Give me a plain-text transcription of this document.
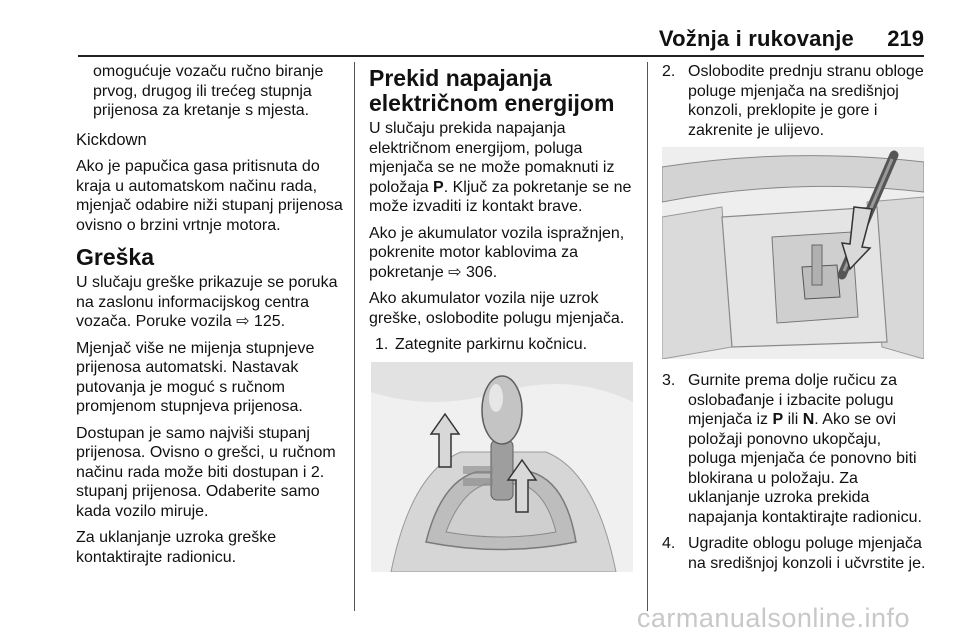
Vožnja i rukovanje 219

omogućuje vozaču ručno biranje prvog, drugog ili trećeg stupnja prijenosa za kretanje s mjesta.

Kickdown

Ako je papučica gasa pritisnuta do kraja u automatskom načinu rada, mjenjač odabire niži stupanj prijenosa ovisno o brzini vrtnje motora.

Greška

U slučaju greške prikazuje se poruka na zaslonu informacijskog centra vozača. Poruke vozila ⇨ 125.

Mjenjač više ne mijenja stupnjeve prijenosa automatski. Nastavak putovanja je moguć s ručnom promjenom stupnjeva prijenosa.

Dostupan je samo najviši stupanj prijenosa. Ovisno o grešci, u ručnom načinu rada može biti dostupan i 2. stupanj prijenosa. Odaberite samo kada vozilo miruje.

Za uklanjanje uzroka greške kontaktirajte radionicu.

Prekid napajanja električnom energijom

U slučaju prekida napajanja električnom energijom, poluga mjenjača se ne može pomaknuti iz položaja P. Ključ za pokretanje se ne može izvaditi iz kontakt brave.

Ako je akumulator vozila ispražnjen, pokrenite motor kablovima za pokretanje ⇨ 306.

Ako akumulator vozila nije uzrok greške, oslobodite polugu mjenjača.

1. Zategnite parkirnu kočnicu.
2. Oslobodite prednju stranu obloge poluge mjenjača na središnjoj konzoli, preklopite je gore i zakrenite je ulijevo.
3. Gurnite prema dolje ručicu za oslobađanje i izbacite polugu mjenjača iz P ili N. Ako se ovi položaji ponovno ukopčaju, poluga mjenjača će ponovno biti blokirana u položaju. Za uklanjanje uzroka prekida napajanja kontaktirajte radionicu.
4. Ugradite oblogu poluge mjenjača na središnjoj konzoli i učvrstite je.
carmanualsonline.info
